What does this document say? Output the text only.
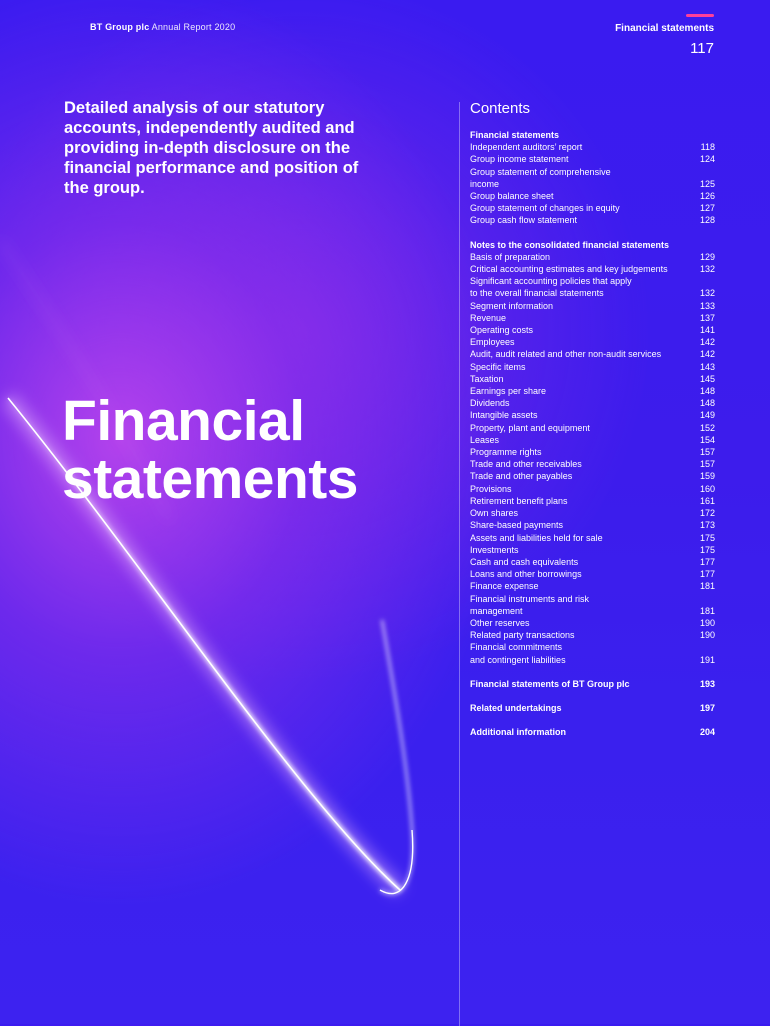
BT Group plc Annual Report 2020	Financial statements
117
Detailed analysis of our statutory accounts, independently audited and providing in-depth disclosure on the financial performance and position of the group.
Financial
statements
Contents
Financial statements
Independent auditors’ report	118
Group income statement	124
Group statement of comprehensive
income	125
Group balance sheet	126
Group statement of changes in equity	127
Group cash flow statement	128
Notes to the consolidated financial statements
Basis of preparation	129
Critical accounting estimates and key judgements	132
Significant accounting policies that apply
to the overall financial statements	132
Segment information	133
Revenue	137
Operating costs	141
Employees	142
Audit, audit related and other non-audit services	142
Specific items	143
Taxation	145
Earnings per share	148
Dividends	148
Intangible assets	149
Property, plant and equipment	152
Leases	154
Programme rights	157
Trade and other receivables	157
Trade and other payables	159
Provisions	160
Retirement benefit plans	161
Own shares	172
Share-based payments	173
Assets and liabilities held for sale	175
Investments	175
Cash and cash equivalents	177
Loans and other borrowings	177
Finance expense	181
Financial instruments and risk
management	181
Other reserves	190
Related party transactions	190
Financial commitments
and contingent liabilities	191
Financial statements of BT Group plc	193
Related undertakings	197
Additional information	204
